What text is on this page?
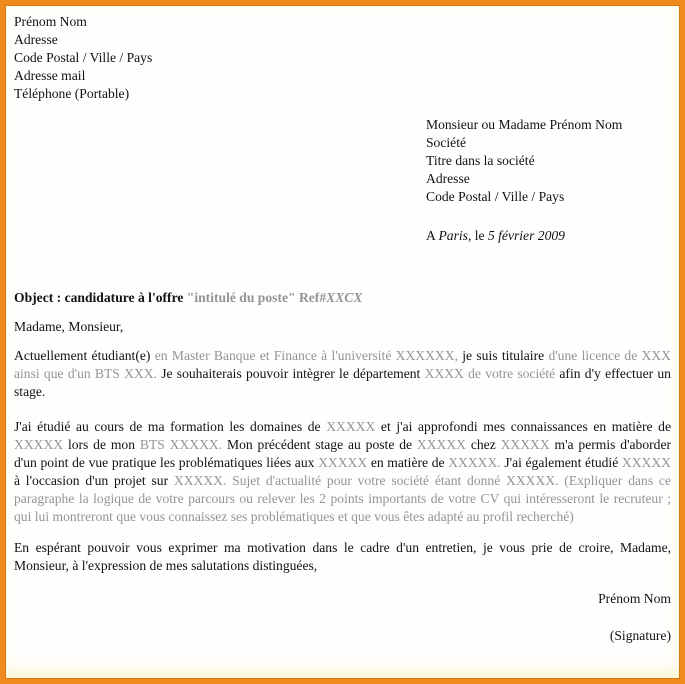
Prénom Nom
Adresse
Code Postal / Ville / Pays
Adresse mail
Téléphone (Portable)
Monsieur ou Madame Prénom Nom
Société
Titre dans la société
Adresse
Code Postal / Ville / Pays
A Paris, le 5 février 2009
Object : candidature à l'offre "intitulé du poste" Ref#XXCX
Madame, Monsieur,
Actuellement étudiant(e) en Master Banque et Finance à l'université XXXXXX, je suis titulaire d'une licence de XXX ainsi que d'un BTS XXX. Je souhaiterais pouvoir intègrer le département XXXX de votre société afin d'y effectuer un stage.
J'ai étudié au cours de ma formation les domaines de XXXXX et j'ai approfondi mes connaissances en matière de XXXXX lors de mon BTS XXXXX. Mon précédent stage au poste de XXXXX chez XXXXX m'a permis d'aborder d'un point de vue pratique les problématiques liées aux XXXXX en matière de XXXXX. J'ai également étudié XXXXX à l'occasion d'un projet sur XXXXX. Sujet d'actualité pour votre société étant donné XXXXX. (Expliquer dans ce paragraphe la logique de votre parcours ou relever les 2 points importants de votre CV qui intéresseront le recruteur ; qui lui montreront que vous connaissez ses problématiques et que vous êtes adapté au profil recherché)
En espérant pouvoir vous exprimer ma motivation dans le cadre d'un entretien, je vous prie de croire, Madame, Monsieur, à l'expression de mes salutations distinguées,
Prénom Nom
(Signature)
